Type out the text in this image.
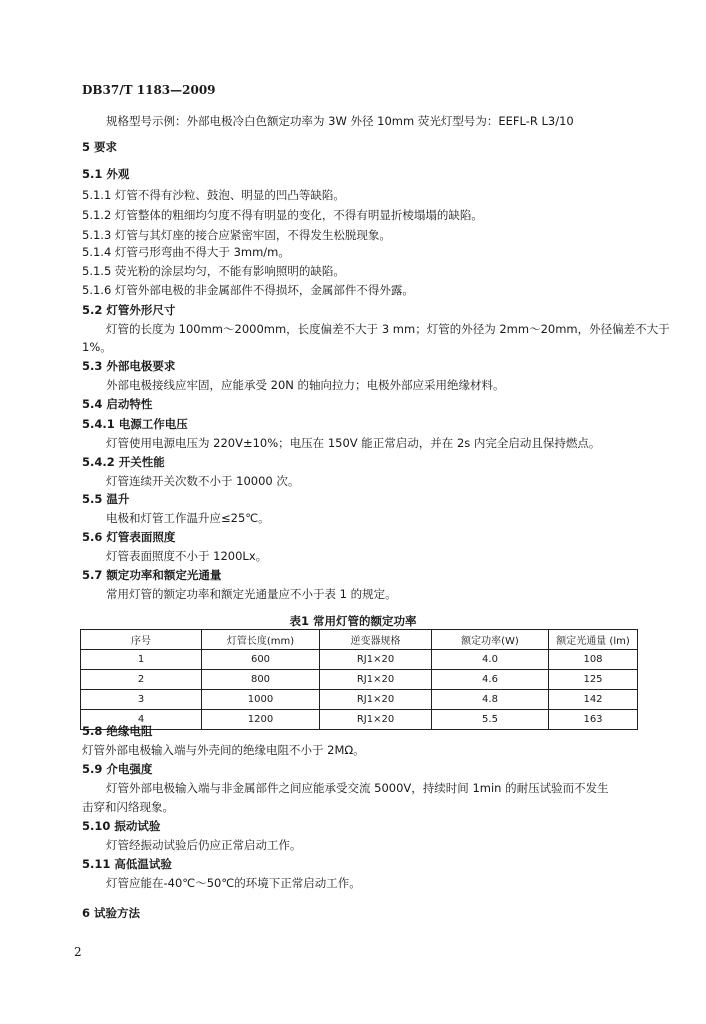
DB37/T 1183—2009
规格型号示例：外部电极冷白色额定功率为 3W 外径 10mm 荧光灯型号为：EEFL-R L3/10
5 要求
5.1 外观
5.1.1 灯管不得有沙粒、鼓泡、明显的凹凸等缺陷。
5.1.2 灯管整体的粗细均匀度不得有明显的变化，不得有明显折棱塌塌的缺陷。
5.1.3 灯管与其灯座的接合应紧密牢固，不得发生松脱现象。
5.1.4 灯管弓形弯曲不得大于 3mm/m。
5.1.5 荧光粉的涂层均匀，不能有影响照明的缺陷。
5.1.6 灯管外部电极的非金属部件不得损坏，金属部件不得外露。
5.2 灯管外形尺寸
灯管的长度为 100mm～2000mm，长度偏差不大于 3 mm；灯管的外径为 2mm～20mm，外径偏差不大于
1%。
5.3 外部电极要求
外部电极接线应牢固，应能承受 20N 的轴向拉力；电极外部应采用绝缘材料。
5.4 启动特性
5.4.1 电源工作电压
灯管使用电源电压为 220V±10%；电压在 150V 能正常启动，并在 2s 内完全启动且保持燃点。
5.4.2 开关性能
灯管连续开关次数不小于 10000 次。
5.5 温升
电极和灯管工作温升应≤25℃。
5.6 灯管表面照度
灯管表面照度不小于 1200Lx。
5.7 额定功率和额定光通量
常用灯管的额定功率和额定光通量应不小于表 1 的规定。
表1 常用灯管的额定功率
序号	灯管长度(mm)	逆变器规格	额定功率(W)	额定光通量 (lm)
1	600	RJ1×20	4.0	108
2	800	RJ1×20	4.6	125
3	1000	RJ1×20	4.8	142
4	1200	RJ1×20	5.5	163
5.8 绝缘电阻
灯管外部电极输入端与外壳间的绝缘电阻不小于 2MΩ。
5.9 介电强度
灯管外部电极输入端与非金属部件之间应能承受交流 5000V，持续时间 1min 的耐压试验而不发生
击穿和闪络现象。
5.10 振动试验
灯管经振动试验后仍应正常启动工作。
5.11 高低温试验
灯管应能在-40℃～50℃的环境下正常启动工作。
6 试验方法
2
